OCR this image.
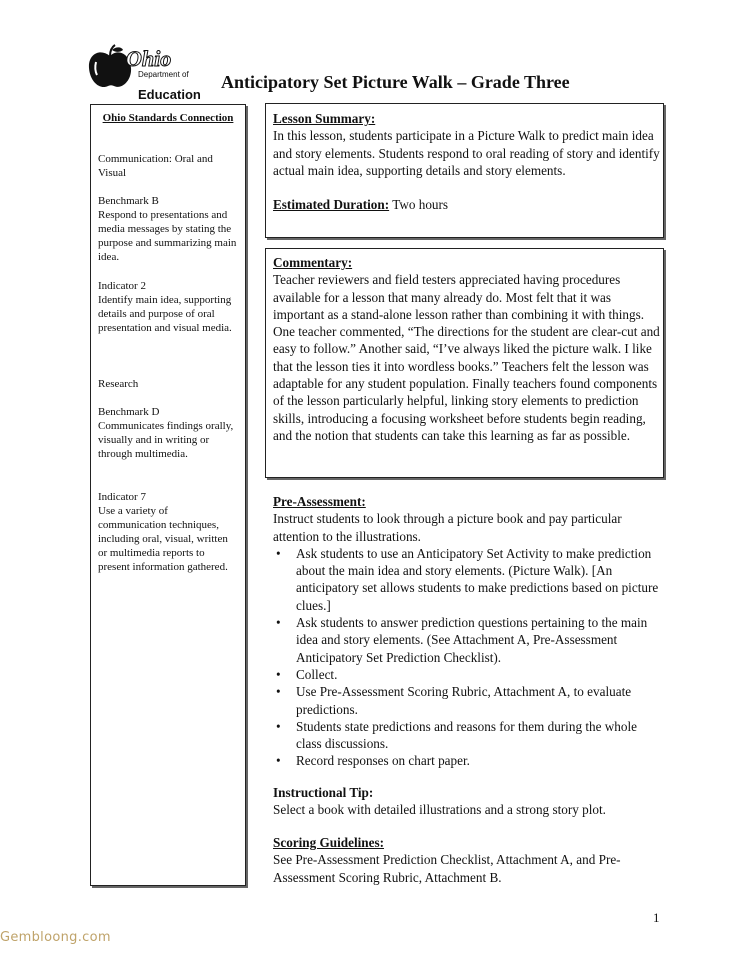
Ohio
Department of
Education
Anticipatory Set Picture Walk – Grade Three
Ohio Standards Connection
Communication: Oral and Visual
Benchmark B
Respond to presentations and media messages by stating the purpose and summarizing main idea.
Indicator 2
Identify main idea, supporting details and purpose of oral presentation and visual media.
Research
Benchmark D
Communicates findings orally, visually and in writing or through multimedia.
Indicator 7
Use a variety of communication techniques, including oral, visual, written or multimedia reports to present information gathered.
Lesson Summary:
In this lesson, students participate in a Picture Walk to predict main idea and story elements. Students respond to oral reading of story and identify actual main idea, supporting details and story elements.
Estimated Duration: Two hours
Commentary:
Teacher reviewers and field testers appreciated having procedures available for a lesson that many already do. Most felt that it was important as a stand-alone lesson rather than combining it with things. One teacher commented, “The directions for the student are clear-cut and easy to follow.” Another said, “I’ve always liked the picture walk. I like that the lesson ties it into wordless books.” Teachers felt the lesson was adaptable for any student population. Finally teachers found components of the lesson particularly helpful, linking story elements to prediction skills, introducing a focusing worksheet before students begin reading, and the notion that students can take this learning as far as possible.
Pre-Assessment:
Instruct students to look through a picture book and pay particular attention to the illustrations.
• Ask students to use an Anticipatory Set Activity to make prediction about the main idea and story elements. (Picture Walk). [An anticipatory set allows students to make predictions based on picture clues.]
• Ask students to answer prediction questions pertaining to the main idea and story elements. (See Attachment A, Pre-Assessment Anticipatory Set Prediction Checklist).
• Collect.
• Use Pre-Assessment Scoring Rubric, Attachment A, to evaluate predictions.
• Students state predictions and reasons for them during the whole class discussions.
• Record responses on chart paper.
Instructional Tip:
Select a book with detailed illustrations and a strong story plot.
Scoring Guidelines:
See Pre-Assessment Prediction Checklist, Attachment A, and Pre-Assessment Scoring Rubric, Attachment B.
1
Gembloong.com
